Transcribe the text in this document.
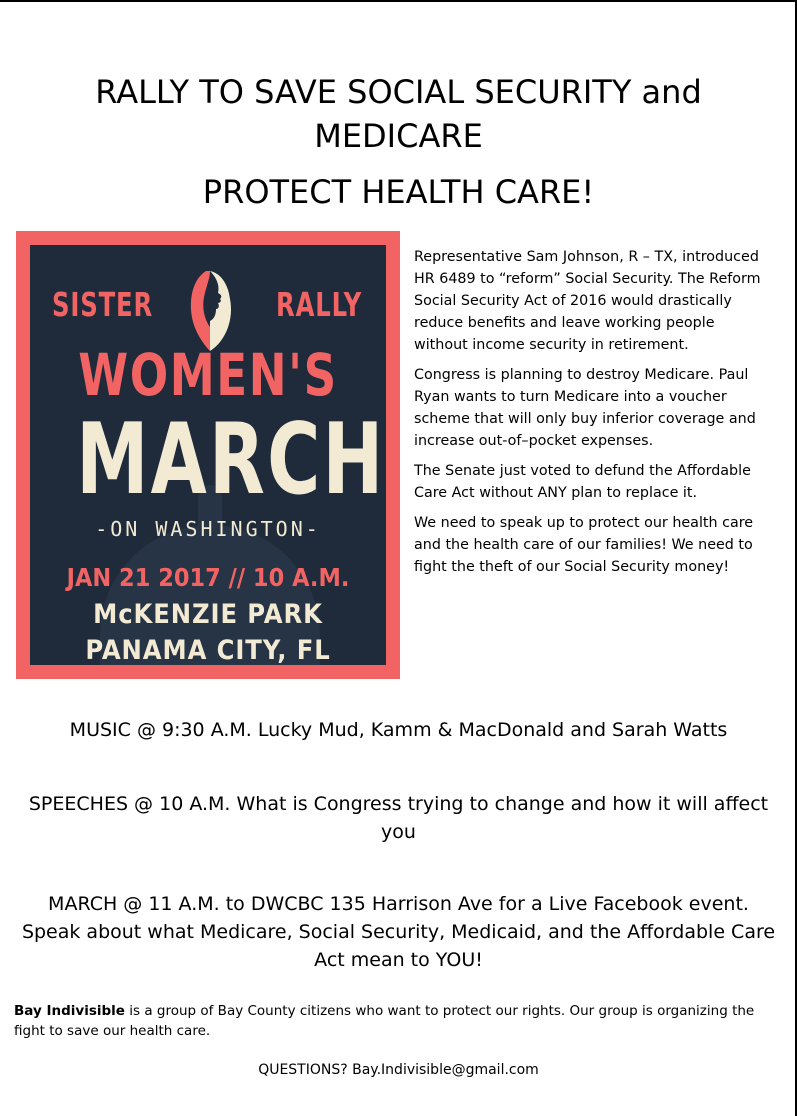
RALLY TO SAVE SOCIAL SECURITY and
MEDICARE
PROTECT HEALTH CARE!
SISTER	RALLY
WOMEN'S
MARCH
-ON WASHINGTON-
JAN 21 2017 // 10 A.M.
McKENZIE PARK
PANAMA CITY, FL

Representative Sam Johnson, R – TX, introduced HR 6489 to “reform” Social Security. The Reform Social Security Act of 2016 would drastically reduce benefits and leave working people without income security in retirement.

Congress is planning to destroy Medicare. Paul Ryan wants to turn Medicare into a voucher scheme that will only buy inferior coverage and increase out-of–pocket expenses.

The Senate just voted to defund the Affordable Care Act without ANY plan to replace it.

We need to speak up to protect our health care and the health care of our families! We need to fight the theft of our Social Security money!

MUSIC @ 9:30 A.M. Lucky Mud, Kamm & MacDonald and Sarah Watts
SPEECHES @ 10 A.M. What is Congress trying to change and how it will affect you
MARCH @ 11 A.M. to DWCBC 135 Harrison Ave for a Live Facebook event. Speak about what Medicare, Social Security, Medicaid, and the Affordable Care Act mean to YOU!
Bay Indivisible is a group of Bay County citizens who want to protect our rights. Our group is organizing the fight to save our health care.
QUESTIONS? Bay.Indivisible@gmail.com
